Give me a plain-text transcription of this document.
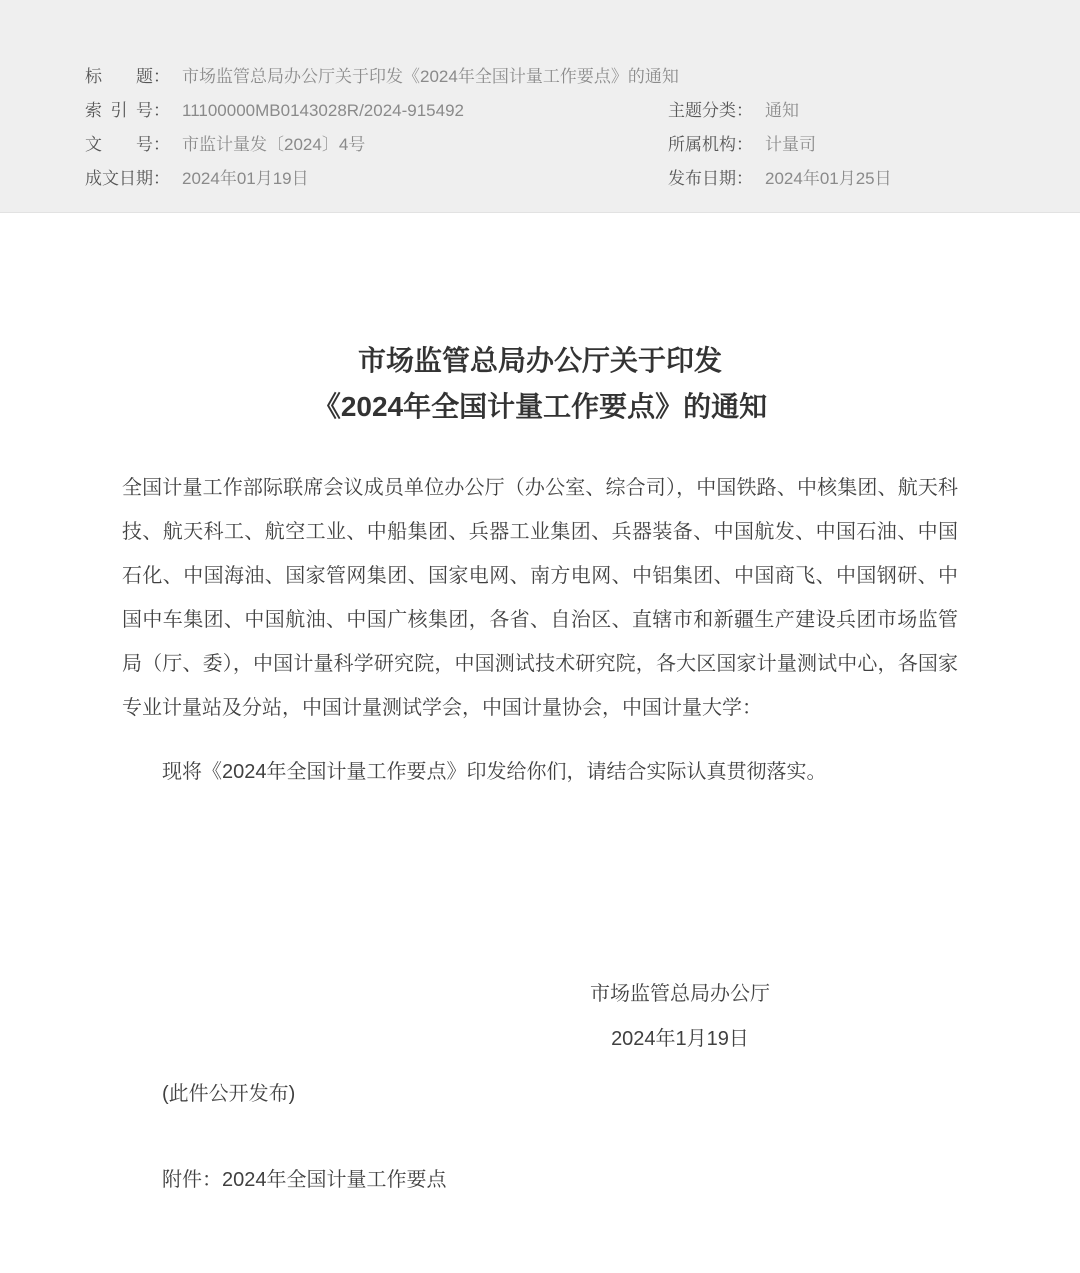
标题 ： 市场监管总局办公厅关于印发《2024年全国计量工作要点》的通知
索引号 ： 11100000MB0143028R/2024-915492	主题分类 ： 通知
文号 ： 市监计量发〔2024〕4号	所属机构 ： 计量司
成文日期 ： 2024年01月19日	发布日期 ： 2024年01月25日
市场监管总局办公厅关于印发
《2024年全国计量工作要点》的通知

全国计量工作部际联席会议成员单位办公厅（办公室、综合司），中国铁路、中核集团、航天科技、航天科工、航空工业、中船集团、兵器工业集团、兵器装备、中国航发、中国石油、中国石化、中国海油、国家管网集团、国家电网、南方电网、中铝集团、中国商飞、中国钢研、中国中车集团、中国航油、中国广核集团，各省、自治区、直辖市和新疆生产建设兵团市场监管局（厅、委），中国计量科学研究院，中国测试技术研究院，各大区国家计量测试中心，各国家专业计量站及分站，中国计量测试学会，中国计量协会，中国计量大学：

现将《2024年全国计量工作要点》印发给你们，请结合实际认真贯彻落实。

市场监管总局办公厅
2024年1月19日
(此件公开发布)
附件：2024年全国计量工作要点
